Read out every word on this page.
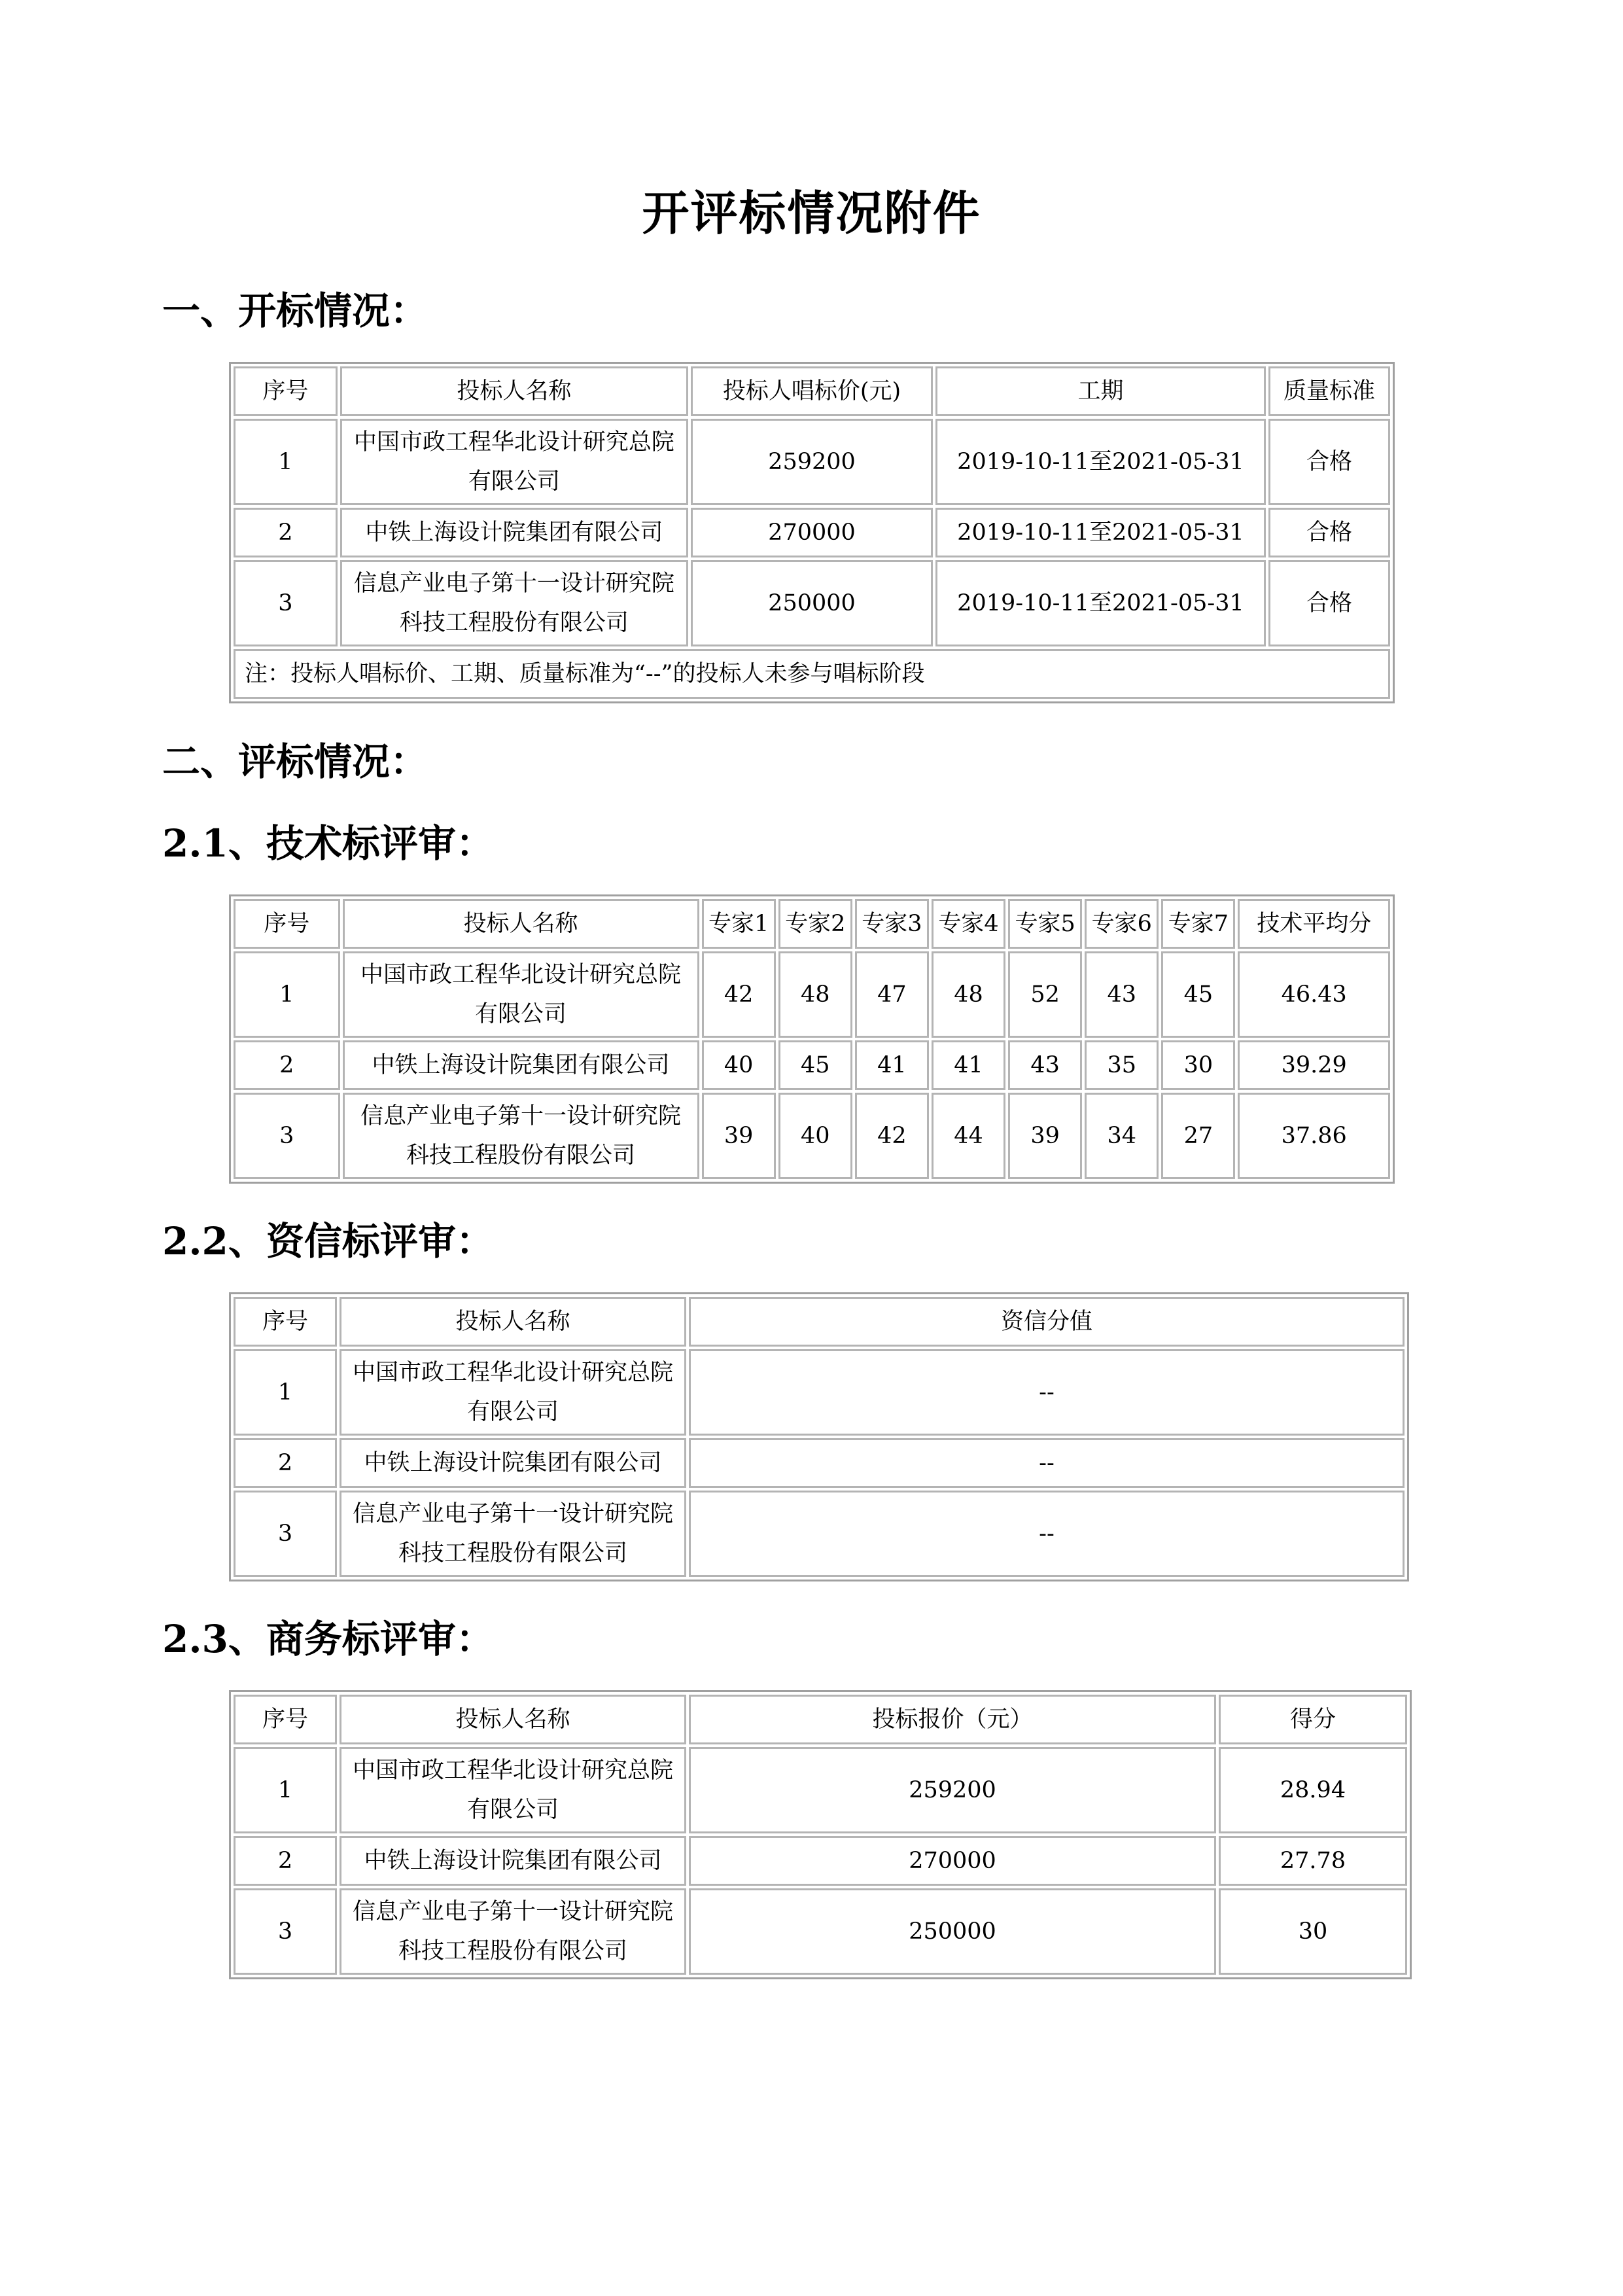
开评标情况附件
一、开标情况：
序号	投标人名称	投标人唱标价(元)	工期	质量标准
1	中国市政工程华北设计研究总院
有限公司	259200	2019-10-11至2021-05-31	合格
2	中铁上海设计院集团有限公司	270000	2019-10-11至2021-05-31	合格
3	信息产业电子第十一设计研究院
科技工程股份有限公司	250000	2019-10-11至2021-05-31	合格
注：投标人唱标价、工期、质量标准为“--”的投标人未参与唱标阶段				
二、评标情况：
2.1、技术标评审：
序号	投标人名称	专家1	专家2	专家3	专家4	专家5	专家6	专家7	技术平均分
1	中国市政工程华北设计研究总院
有限公司	42	48	47	48	52	43	45	46.43
2	中铁上海设计院集团有限公司	40	45	41	41	43	35	30	39.29
3	信息产业电子第十一设计研究院
科技工程股份有限公司	39	40	42	44	39	34	27	37.86
2.2、资信标评审：
序号	投标人名称	资信分值
1	中国市政工程华北设计研究总院
有限公司	--
2	中铁上海设计院集团有限公司	--
3	信息产业电子第十一设计研究院
科技工程股份有限公司	--
2.3、商务标评审：
序号	投标人名称	投标报价（元）	得分
1	中国市政工程华北设计研究总院
有限公司	259200	28.94
2	中铁上海设计院集团有限公司	270000	27.78
3	信息产业电子第十一设计研究院
科技工程股份有限公司	250000	30
